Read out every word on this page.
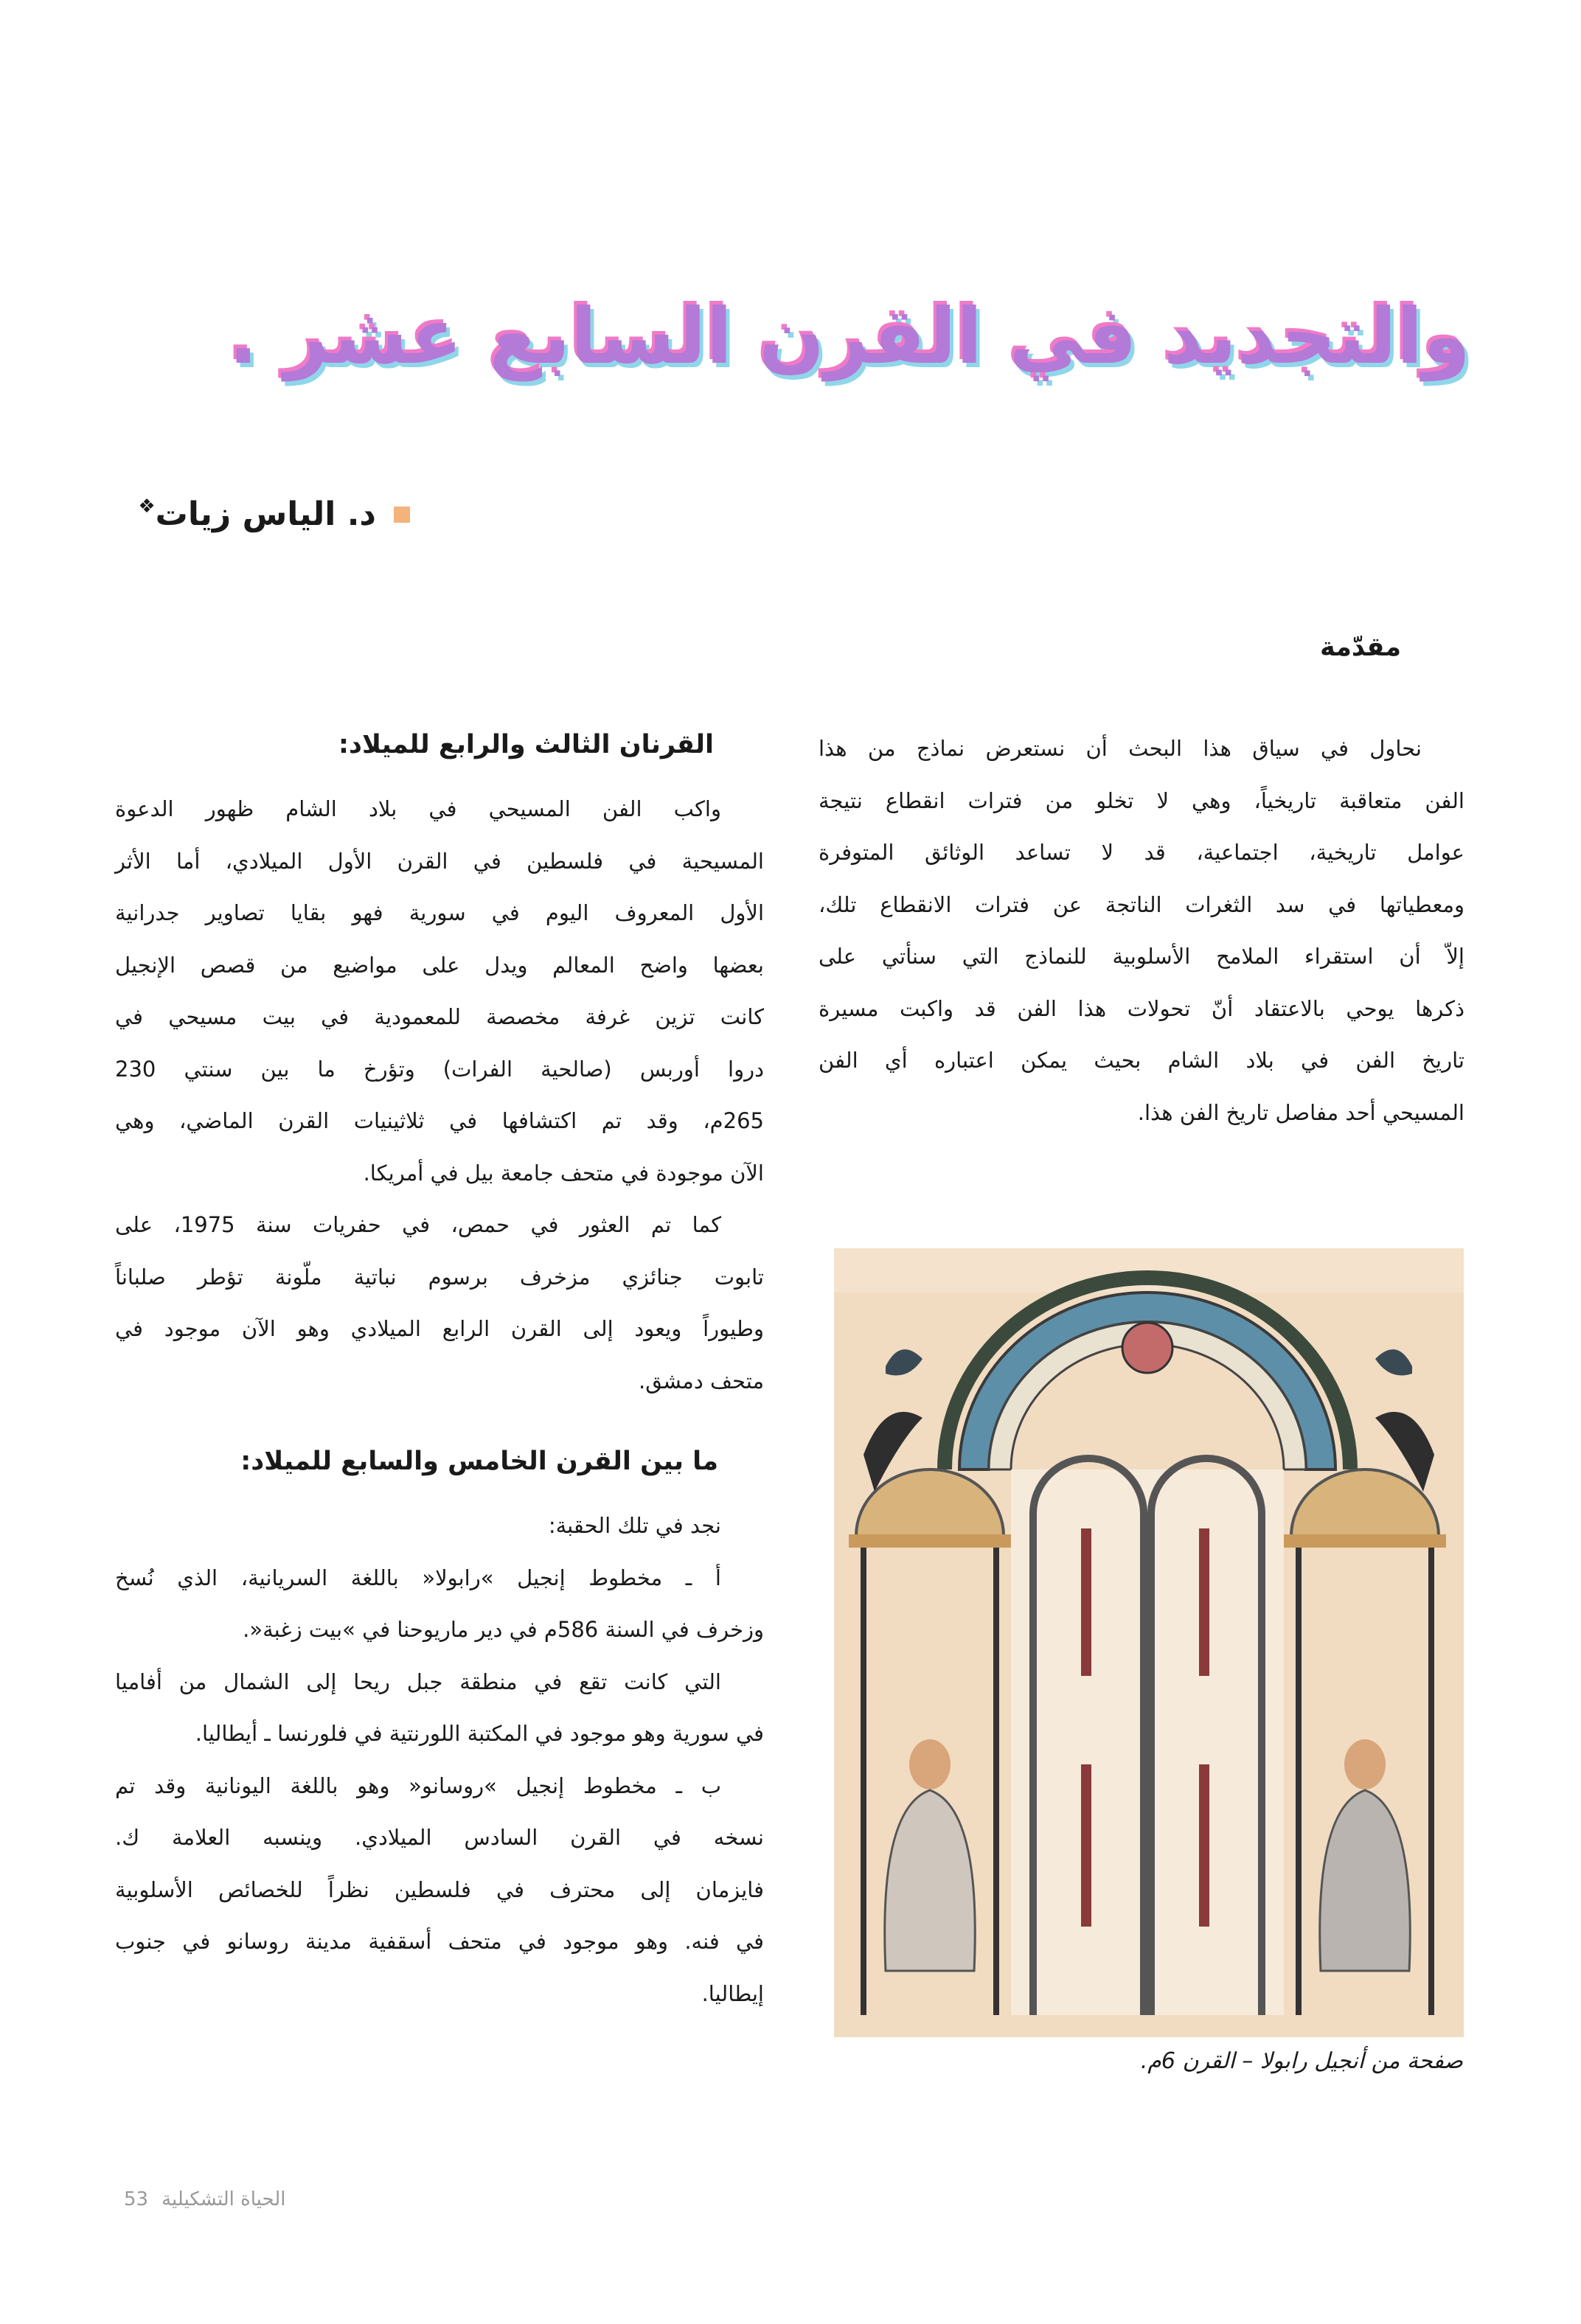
والتجديد في القرن السابع عشر .
د. الياس زيات❖
مقدّمة
نحاول في سياق هذا البحث أن نستعرض نماذج من هذا
الفن متعاقبة تاريخياً، وهي لا تخلو من فترات انقطاع نتيجة
عوامل تاريخية، اجتماعية، قد لا تساعد الوثائق المتوفرة
ومعطياتها في سد الثغرات الناتجة عن فترات الانقطاع تلك،
إلاّ أن استقراء الملامح الأسلوبية للنماذج التي سنأتي على
ذكرها يوحي بالاعتقاد أنّ تحولات هذا الفن قد واكبت مسيرة
تاريخ الفن في بلاد الشام بحيث يمكن اعتباره أي الفن
المسيحي أحد مفاصل تاريخ الفن هذا.
القرنان الثالث والرابع للميلاد:
واكب الفن المسيحي في بلاد الشام ظهور الدعوة
المسيحية في فلسطين في القرن الأول الميلادي، أما الأثر
الأول المعروف اليوم في سورية فهو بقايا تصاوير جدرانية
بعضها واضح المعالم ويدل على مواضيع من قصص الإنجيل
كانت تزين غرفة مخصصة للمعمودية في بيت مسيحي في
دروا أوربس (صالحية الفرات) وتؤرخ ما بين سنتي 230
265م، وقد تم اكتشافها في ثلاثينيات القرن الماضي، وهي
الآن موجودة في متحف جامعة بيل في أمريكا.
كما تم العثور في حمص، في حفريات سنة 1975، على
تابوت جنائزي مزخرف برسوم نباتية ملّونة تؤطر صلباناً
وطيوراً ويعود إلى القرن الرابع الميلادي وهو الآن موجود في
متحف دمشق.
ما بين القرن الخامس والسابع للميلاد:
نجد في تلك الحقبة:
أ ـ مخطوط إنجيل »رابولا« باللغة السريانية، الذي نُسخ
وزخرف في السنة 586م في دير ماريوحنا في »بيت زغبة«.
التي كانت تقع في منطقة جبل ريحا إلى الشمال من أفاميا
في سورية وهو موجود في المكتبة اللورنتية في فلورنسا ـ أيطاليا.
ب ـ مخطوط إنجيل »روسانو« وهو باللغة اليونانية وقد تم
نسخه في القرن السادس الميلادي. وينسبه العلامة ك.
فايزمان إلى محترف في فلسطين نظراً للخصائص الأسلوبية
في فنه. وهو موجود في متحف أسقفية مدينة روسانو في جنوب
إيطاليا.
صفحة من أنجيل رابولا – القرن 6م.
53 الحياة التشكيلية
